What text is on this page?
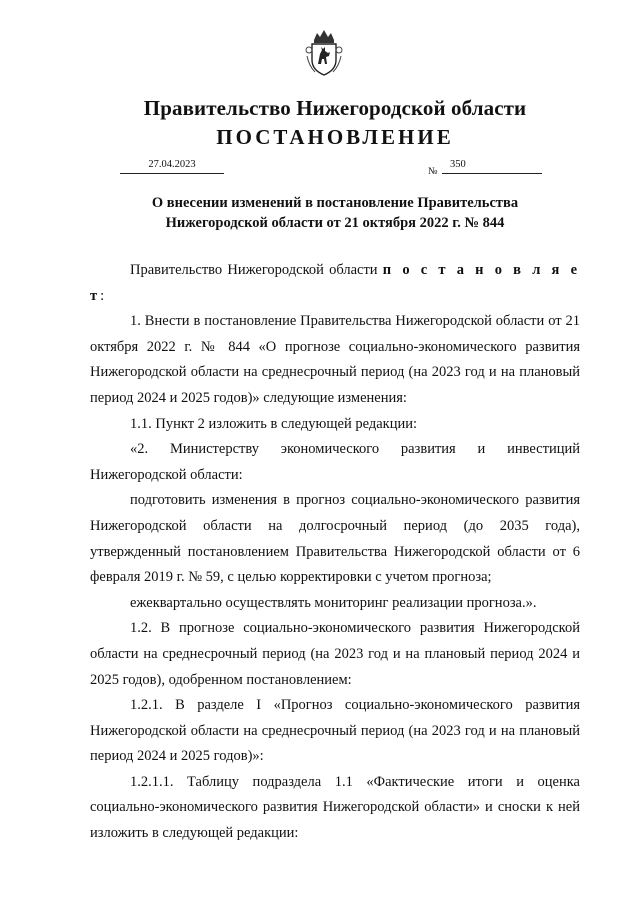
Правительство Нижегородской области
ПОСТАНОВЛЕНИЕ
27.04.2023
№
350
О внесении изменений в постановление Правительства
Нижегородской области от 21 октября 2022 г. № 844

Правительство Нижегородской области п о с т а н о в л я е т:

1. Внести в постановление Правительства Нижегородской области от 21 октября 2022 г. № 844 «О прогнозе социально-экономического развития Нижегородской области на среднесрочный период (на 2023 год и на плановый период 2024 и 2025 годов)» следующие изменения:

1.1. Пункт 2 изложить в следующей редакции:

«2. Министерству экономического развития и инвестиций Нижегородской области:

подготовить изменения в прогноз социально-экономического развития Нижегородской области на долгосрочный период (до 2035 года), утвержденный постановлением Правительства Нижегородской области от 6 февраля 2019 г. № 59, с целью корректировки с учетом прогноза;

ежеквартально осуществлять мониторинг реализации прогноза.».

1.2. В прогнозе социально-экономического развития Нижегородской области на среднесрочный период (на 2023 год и на плановый период 2024 и 2025 годов), одобренном постановлением:

1.2.1. В разделе I «Прогноз социально-экономического развития Нижегородской области на среднесрочный период (на 2023 год и на плановый период 2024 и 2025 годов)»:

1.2.1.1. Таблицу подраздела 1.1 «Фактические итоги и оценка социально-экономического развития Нижегородской области» и сноски к ней изложить в следующей редакции:
